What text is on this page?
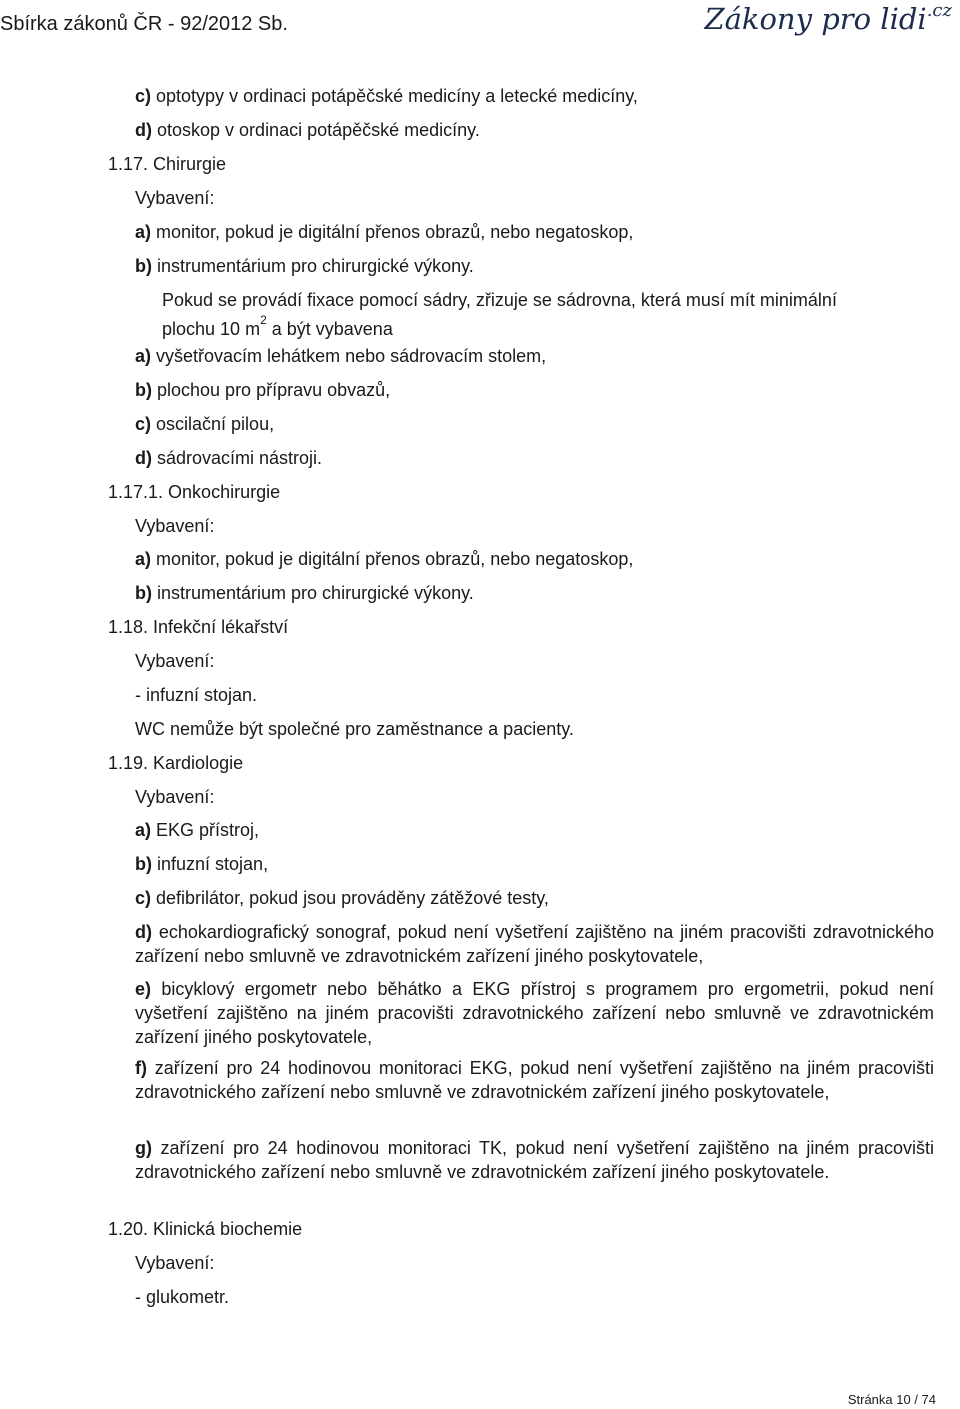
Sbírka zákonů ČR - 92/2012 Sb.	Zákony pro lidi$^{.cz}$
c) optotypy v ordinaci potápěčské medicíny a letecké medicíny,
d) otoskop v ordinaci potápěčské medicíny.
1.17. Chirurgie
Vybavení:
a) monitor, pokud je digitální přenos obrazů, nebo negatoskop,
b) instrumentárium pro chirurgické výkony.
Pokud se provádí fixace pomocí sádry, zřizuje se sádrovna, která musí mít minimální
plochu 10 $m^2$ a být vybavena
a) vyšetřovacím lehátkem nebo sádrovacím stolem,
b) plochou pro přípravu obvazů,
c) oscilační pilou,
d) sádrovacími nástroji.
1.17.1. Onkochirurgie
Vybavení:
a) monitor, pokud je digitální přenos obrazů, nebo negatoskop,
b) instrumentárium pro chirurgické výkony.
1.18. Infekční lékařství
Vybavení:
- infuzní stojan.
WC nemůže být společné pro zaměstnance a pacienty.
1.19. Kardiologie
Vybavení:
a) EKG přístroj,
b) infuzní stojan,
c) defibrilátor, pokud jsou prováděny zátěžové testy,
d) echokardiografický sonograf, pokud není vyšetření zajištěno na jiném pracovišti zdravotnického zařízení nebo smluvně ve zdravotnickém zařízení jiného poskytovatele,
e) bicyklový ergometr nebo běhátko a EKG přístroj s programem pro ergometrii, pokud není vyšetření zajištěno na jiném pracovišti zdravotnického zařízení nebo smluvně ve zdravotnickém zařízení jiného poskytovatele,
f) zařízení pro 24 hodinovou monitoraci EKG, pokud není vyšetření zajištěno na jiném pracovišti zdravotnického zařízení nebo smluvně ve zdravotnickém zařízení jiného poskytovatele,
g) zařízení pro 24 hodinovou monitoraci TK, pokud není vyšetření zajištěno na jiném pracovišti zdravotnického zařízení nebo smluvně ve zdravotnickém zařízení jiného poskytovatele.
1.20. Klinická biochemie
Vybavení:
- glukometr.
Stránka 10 / 74
